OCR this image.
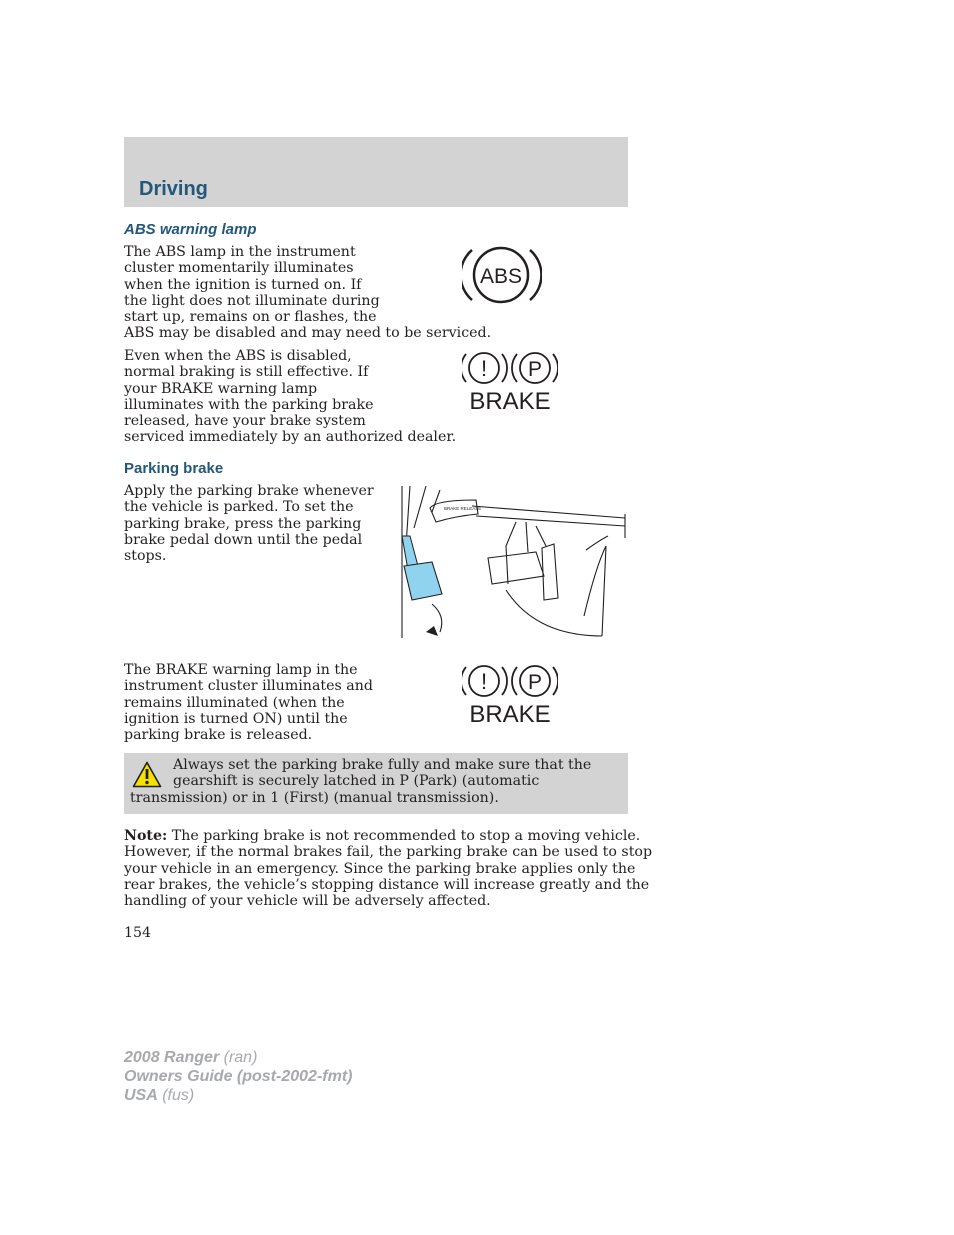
Driving
ABS warning lamp
The ABS lamp in the instrument
cluster momentarily illuminates
when the ignition is turned on. If
the light does not illuminate during
start up, remains on or flashes, the
ABS may be disabled and may need to be serviced.
ABS
Even when the ABS is disabled,
normal braking is still effective. If
your BRAKE warning lamp
illuminates with the parking brake
released, have your brake system
serviced immediately by an authorized dealer.
! P
BRAKE
Parking brake
Apply the parking brake whenever
the vehicle is parked. To set the
parking brake, press the parking
brake pedal down until the pedal
stops.
BRAKE RELEASE
The BRAKE warning lamp in the
instrument cluster illuminates and
remains illuminated (when the
ignition is turned ON) until the
parking brake is released.
! P
BRAKE
Always set the parking brake fully and make sure that the
gearshift is securely latched in P (Park) (automatic
transmission) or in 1 (First) (manual transmission).
Note: The parking brake is not recommended to stop a moving vehicle.
However, if the normal brakes fail, the parking brake can be used to stop
your vehicle in an emergency. Since the parking brake applies only the
rear brakes, the vehicle’s stopping distance will increase greatly and the
handling of your vehicle will be adversely affected.
154
2008 Ranger (ran)
Owners Guide (post-2002-fmt)
USA (fus)
